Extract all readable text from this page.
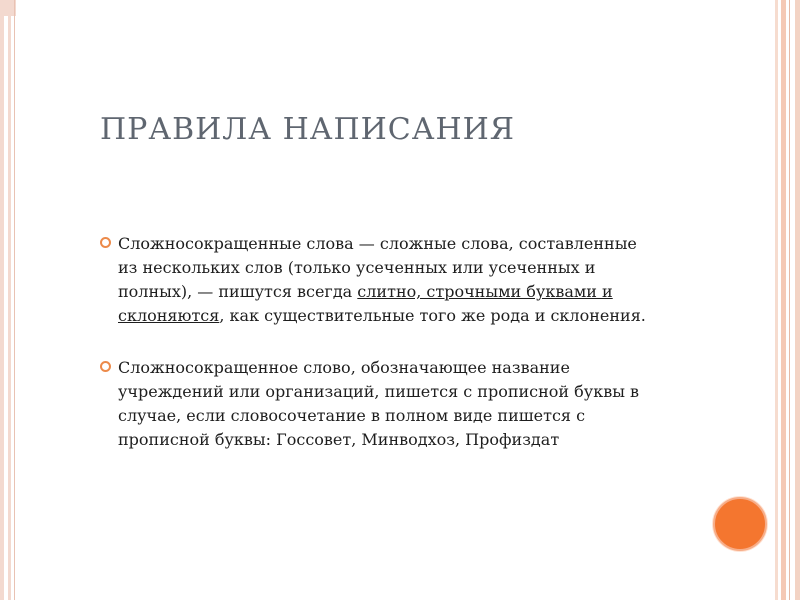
ПРАВИЛА НАПИСАНИЯ
Сложносокращенные слова — сложные слова, составленные из нескольких слов (только усеченных или усеченных и полных), — пишутся всегда слитно, строчными буквами и склоняются, как существительные того же рода и склонения.
Сложносокращенное слово, обозначающее название учреждений или организаций, пишется с прописной буквы в случае, если словосочетание в полном виде пишется с прописной буквы: Госсовет, Минводхоз, Профиздат
